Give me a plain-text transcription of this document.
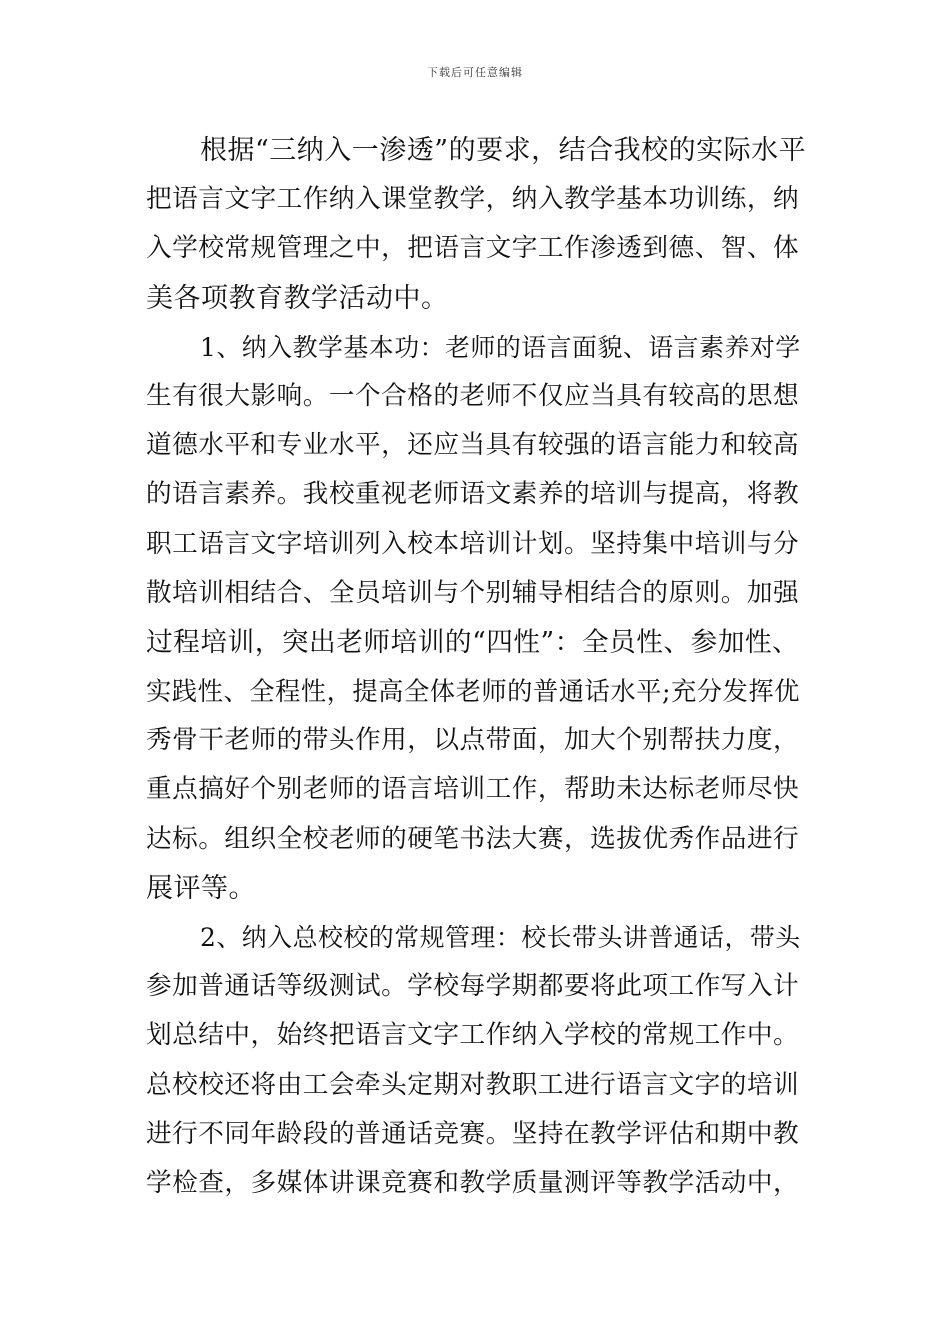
下载后可任意编辑
根据“三纳入一渗透”的要求，结合我校的实际水平
把语言文字工作纳入课堂教学，纳入教学基本功训练，纳
入学校常规管理之中，把语言文字工作渗透到德、智、体
美各项教育教学活动中。
1、纳入教学基本功：老师的语言面貌、语言素养对学
生有很大影响。一个合格的老师不仅应当具有较高的思想
道德水平和专业水平，还应当具有较强的语言能力和较高
的语言素养。我校重视老师语文素养的培训与提高，将教
职工语言文字培训列入校本培训计划。坚持集中培训与分
散培训相结合、全员培训与个别辅导相结合的原则。加强
过程培训，突出老师培训的“四性”：全员性、参加性、
实践性、全程性，提高全体老师的普通话水平;充分发挥优
秀骨干老师的带头作用，以点带面，加大个别帮扶力度，
重点搞好个别老师的语言培训工作，帮助未达标老师尽快
达标。组织全校老师的硬笔书法大赛，选拔优秀作品进行
展评等。
2、纳入总校校的常规管理：校长带头讲普通话，带头
参加普通话等级测试。学校每学期都要将此项工作写入计
划总结中，始终把语言文字工作纳入学校的常规工作中。
总校校还将由工会牵头定期对教职工进行语言文字的培训
进行不同年龄段的普通话竞赛。坚持在教学评估和期中教
学检查，多媒体讲课竞赛和教学质量测评等教学活动中，
